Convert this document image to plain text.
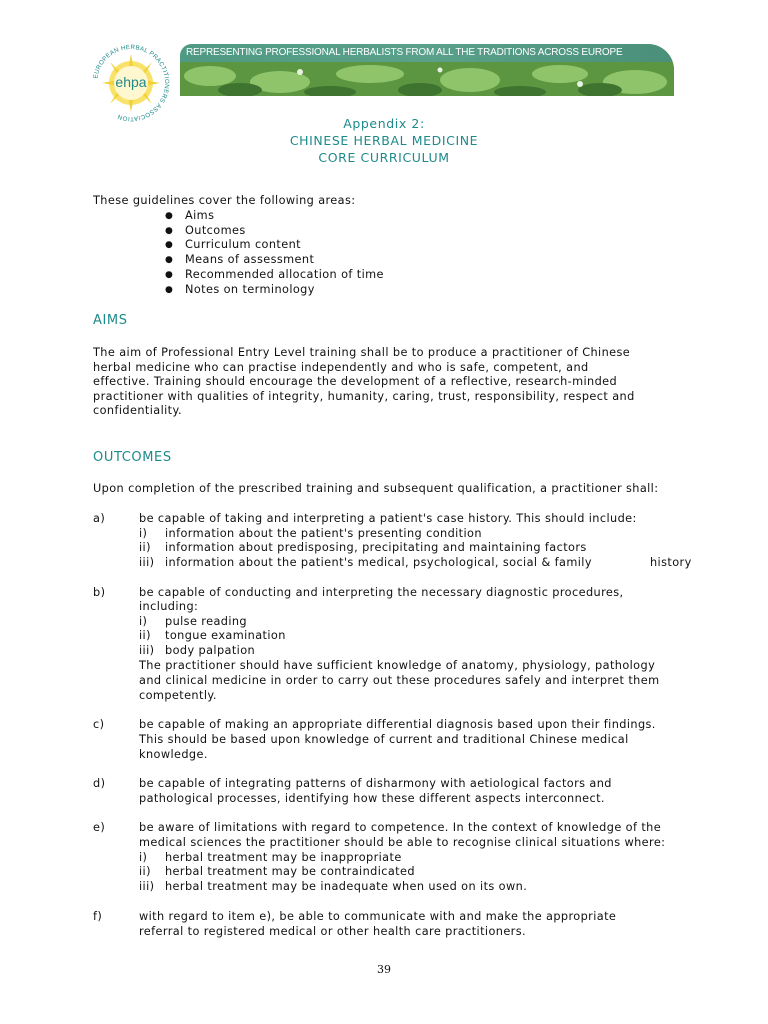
ehpa
EUROPEAN HERBAL PRACTITIONERS ASSOCIATION
REPRESENTING PROFESSIONAL HERBALISTS FROM ALL THE TRADITIONS ACROSS EUROPE
Appendix 2:
CHINESE HERBAL MEDICINE
CORE CURRICULUM
These guidelines cover the following areas:
● Aims
● Outcomes
● Curriculum content
● Means of assessment
● Recommended allocation of time
● Notes on terminology
AIMS
The aim of Professional Entry Level training shall be to produce a practitioner of Chinese
herbal medicine who can practise independently and who is safe, competent, and
effective. Training should encourage the development of a reflective, research-minded
practitioner with qualities of integrity, humanity, caring, trust, responsibility, respect and
confidentiality.
OUTCOMES
Upon completion of the prescribed training and subsequent qualification, a practitioner shall:
a)	be capable of taking and interpreting a patient's case history. This should include:
i) information about the patient's presenting condition
ii) information about predisposing, precipitating and maintaining factors
iii) information about the patient's medical, psychological, social & family	history
b)	be capable of conducting and interpreting the necessary diagnostic procedures,
including:
i) pulse reading
ii) tongue examination
iii) body palpation
The practitioner should have sufficient knowledge of anatomy, physiology, pathology
and clinical medicine in order to carry out these procedures safely and interpret them
competently.
c)	be capable of making an appropriate differential diagnosis based upon their findings.
This should be based upon knowledge of current and traditional Chinese medical
knowledge.
d)	be capable of integrating patterns of disharmony with aetiological factors and
pathological processes, identifying how these different aspects interconnect.
e)	be aware of limitations with regard to competence. In the context of knowledge of the
medical sciences the practitioner should be able to recognise clinical situations where:
i) herbal treatment may be inappropriate
ii) herbal treatment may be contraindicated
iii) herbal treatment may be inadequate when used on its own.
f)	with regard to item e), be able to communicate with and make the appropriate
referral to registered medical or other health care practitioners.
39
